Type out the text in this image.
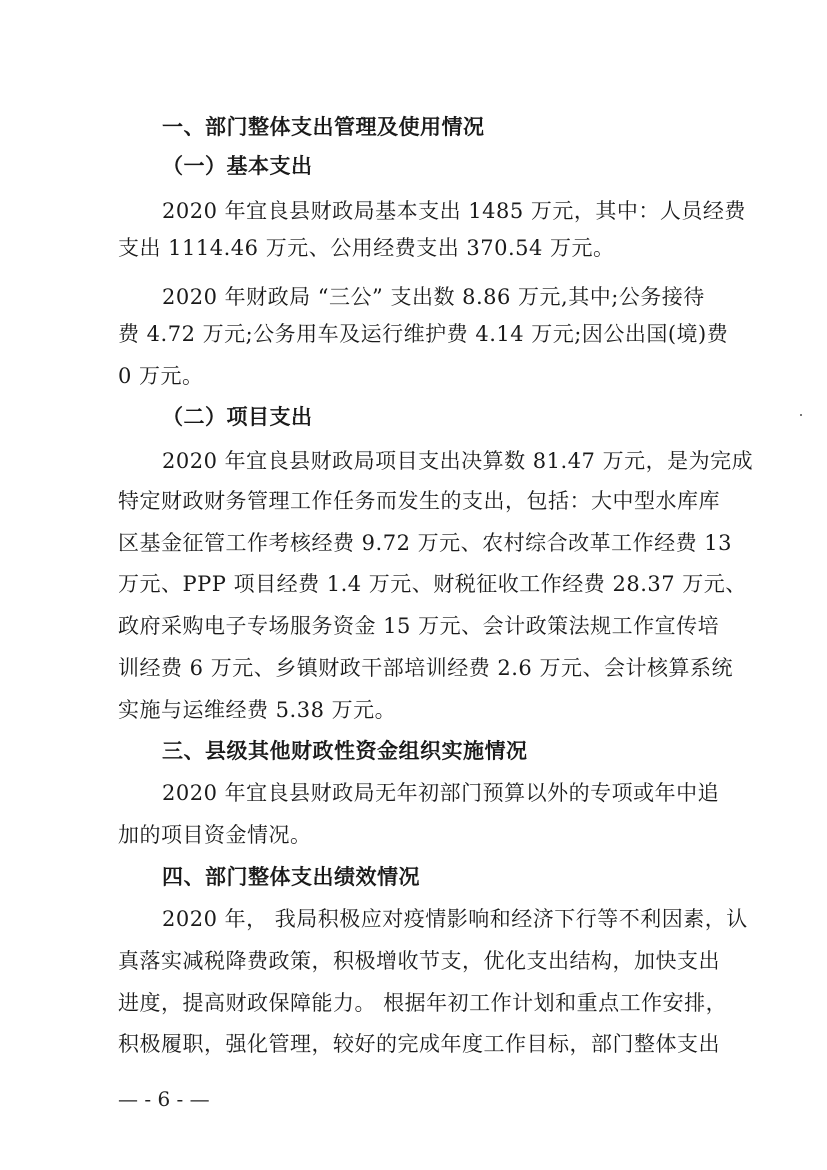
一、部门整体支出管理及使用情况
（一）基本支出
2020 年宜良县财政局基本支出 1485 万元，其中：人员经费
支出 1114.46 万元、公用经费支出 370.54 万元。
2020 年财政局 “三公” 支出数 8.86 万元,其中;公务接待
费 4.72 万元;公务用车及运行维护费 4.14 万元;因公出国(境)费
0 万元。
（二）项目支出
2020 年宜良县财政局项目支出决算数 81.47 万元，是为完成
特定财政财务管理工作任务而发生的支出，包括：大中型水库库
区基金征管工作考核经费 9.72 万元、农村综合改革工作经费 13
万元、PPP 项目经费 1.4 万元、财税征收工作经费 28.37 万元、
政府采购电子专场服务资金 15 万元、会计政策法规工作宣传培
训经费 6 万元、乡镇财政干部培训经费 2.6 万元、会计核算系统
实施与运维经费 5.38 万元。
三、县级其他财政性资金组织实施情况
2020 年宜良县财政局无年初部门预算以外的专项或年中追
加的项目资金情况。
四、部门整体支出绩效情况
2020 年， 我局积极应对疫情影响和经济下行等不利因素，认
真落实减税降费政策，积极增收节支，优化支出结构，加快支出
进度，提高财政保障能力。 根据年初工作计划和重点工作安排，
积极履职，强化管理，较好的完成年度工作目标，部门整体支出
— - 6 - —
